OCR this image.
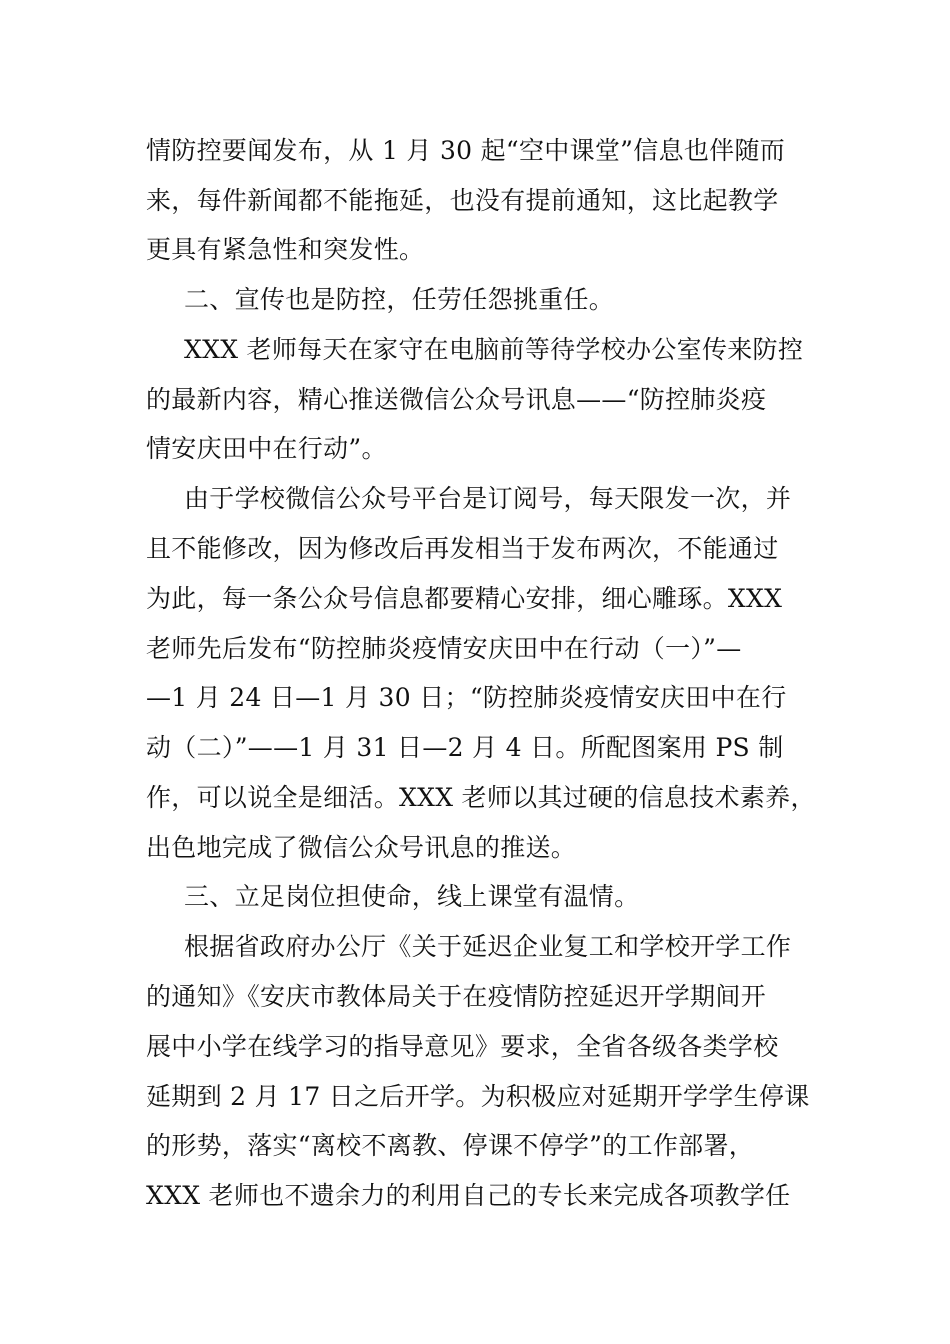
情防控要闻发布，从 1 月 30 起“空中课堂”信息也伴随而
来，每件新闻都不能拖延，也没有提前通知，这比起教学
更具有紧急性和突发性。
二、宣传也是防控，任劳任怨挑重任。
XXX 老师每天在家守在电脑前等待学校办公室传来防控
的最新内容，精心推送微信公众号讯息——“防控肺炎疫
情安庆田中在行动”。
由于学校微信公众号平台是订阅号，每天限发一次，并
且不能修改，因为修改后再发相当于发布两次，不能通过
为此，每一条公众号信息都要精心安排，细心雕琢。XXX
老师先后发布“防控肺炎疫情安庆田中在行动（一）”—
—1 月 24 日—1 月 30 日；“防控肺炎疫情安庆田中在行
动（二）”——1 月 31 日—2 月 4 日。所配图案用 PS 制
作，可以说全是细活。XXX 老师以其过硬的信息技术素养，
出色地完成了微信公众号讯息的推送。
三、立足岗位担使命，线上课堂有温情。
根据省政府办公厅《关于延迟企业复工和学校开学工作
的通知》《安庆市教体局关于在疫情防控延迟开学期间开
展中小学在线学习的指导意见》要求，全省各级各类学校
延期到 2 月 17 日之后开学。为积极应对延期开学学生停课
的形势，落实“离校不离教、停课不停学”的工作部署，
XXX 老师也不遗余力的利用自己的专长来完成各项教学任
